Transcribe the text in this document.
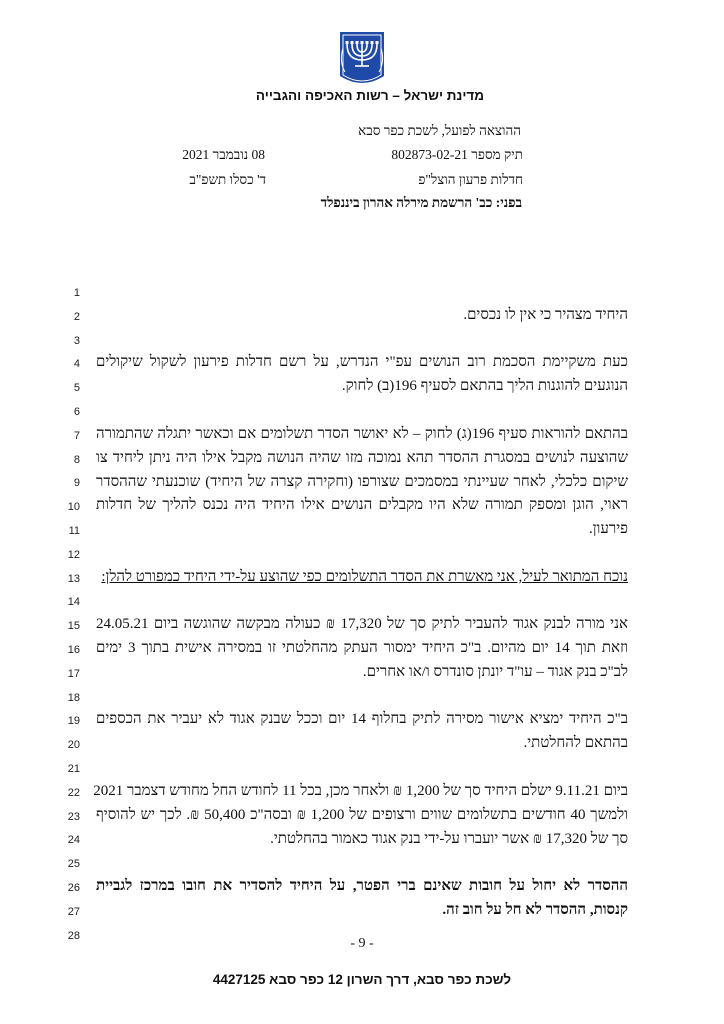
מדינת ישראל – רשות האכיפה והגבייה
ההוצאה לפועל, לשכת כפר סבא
תיק מספר 802873-02-21
חדלות פרעון הוצל"פ
בפני: כב' הרשמת מירלה אהרון ביננפלד
08 נובמבר 2021
ד' כסלו תשפ"ב
1
2
3
4
5
6
7
8
9
10
11
12
13
14
15
16
17
18
19
20
21
22
23
24
25
26
27
28
היחיד מצהיר כי אין לו נכסים.
כעת משקיימת הסכמת רוב הנושים עפ"י הנדרש, על רשם חדלות פירעון לשקול שיקולים
הנוגעים להוגנות הליך בהתאם לסעיף 196(ב) לחוק.
בהתאם להוראות סעיף 196(ג) לחוק – לא יאושר הסדר תשלומים אם וכאשר יתגלה שהתמורה
שהוצעה לנושים במסגרת ההסדר תהא נמוכה מזו שהיה הנושה מקבל אילו היה ניתן ליחיד צו
שיקום כלכלי, לאחר שעיינתי במסמכים שצורפו (וחקירה קצרה של היחיד) שוכנעתי שההסדר
ראוי, הוגן ומספק תמורה שלא היו מקבלים הנושים אילו היחיד היה נכנס להליך של חדלות
פירעון.
נוכח המתואר לעיל, אני מאשרת את הסדר התשלומים כפי שהוצע על-ידי היחיד כמפורט להלן:
אני מורה לבנק אגוד להעביר לתיק סך של 17,320 ₪ כעולה מבקשה שהוגשה ביום 24.05.21
וזאת תוך 14 יום מהיום. ב"כ היחיד ימסור העתק מהחלטתי זו במסירה אישית בתוך 3 ימים
לב"כ בנק אגוד – עו"ד יונתן סונדרס ו/או אחרים.
ב"כ היחיד ימציא אישור מסירה לתיק בחלוף 14 יום וככל שבנק אגוד לא יעביר את הכספים
בהתאם להחלטתי.
ביום 9.11.21 ישלם היחיד סך של 1,200 ₪ ולאחר מכן, בכל 11 לחודש החל מחודש דצמבר 2021
ולמשך 40 חודשים בתשלומים שווים ורצופים של 1,200 ₪ ובסה"כ 50,400 ₪. לכך יש להוסיף
סך של 17,320 ₪ אשר יועברו על-ידי בנק אגוד כאמור בהחלטתי.
ההסדר לא יחול על חובות שאינם ברי הפטר, על היחיד להסדיר את חובו במרכז לגביית
קנסות, ההסדר לא חל על חוב זה.
- 9 -
לשכת כפר סבא, דרך השרון 12 כפר סבא 4427125
